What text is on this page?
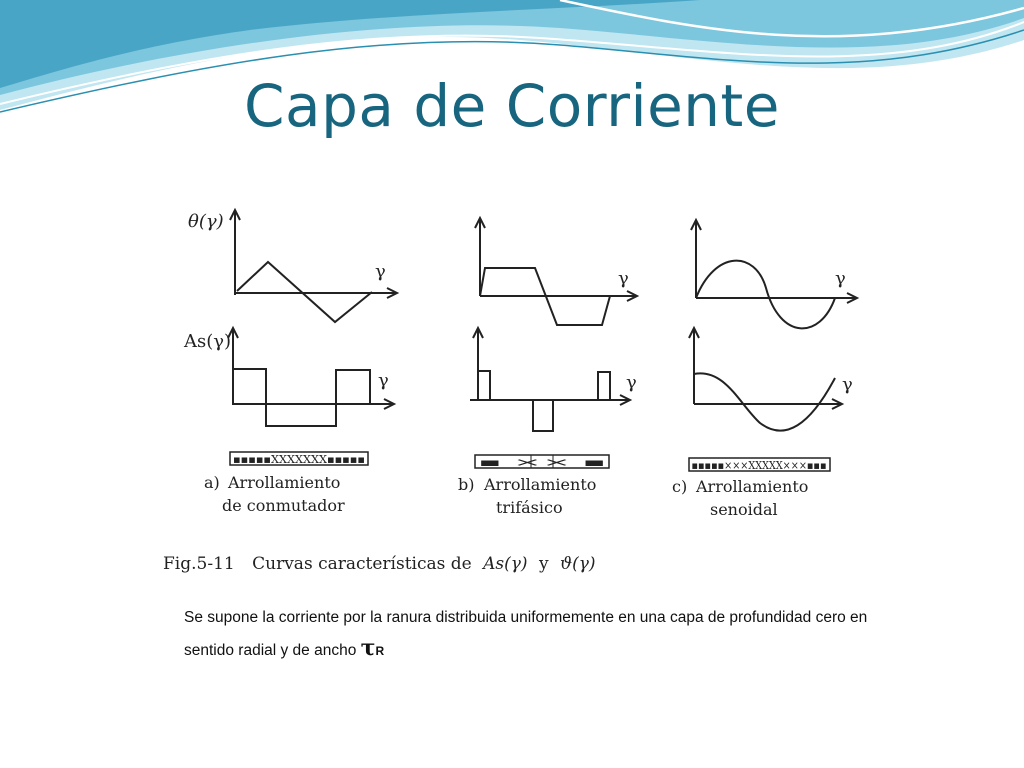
Capa de Corriente
▪▪▪▪▪XXXXXXX▪▪▪▪▪	▪ ×× ▪	▪▪▪▪▪×××XXXXX×××▪▪▪
θ(γ)
As(γ)
γ
γ
γ
γ
γ
γ
a) Arrollamiento
de conmutador
b) Arrollamiento
trifásico
c) Arrollamiento
senoidal
Fig.5-11 Curvas características de As(γ) y ϑ(γ)

Se supone la corriente por la ranura distribuida uniformemente en una capa de profundidad cero en sentido radial y de ancho τR
